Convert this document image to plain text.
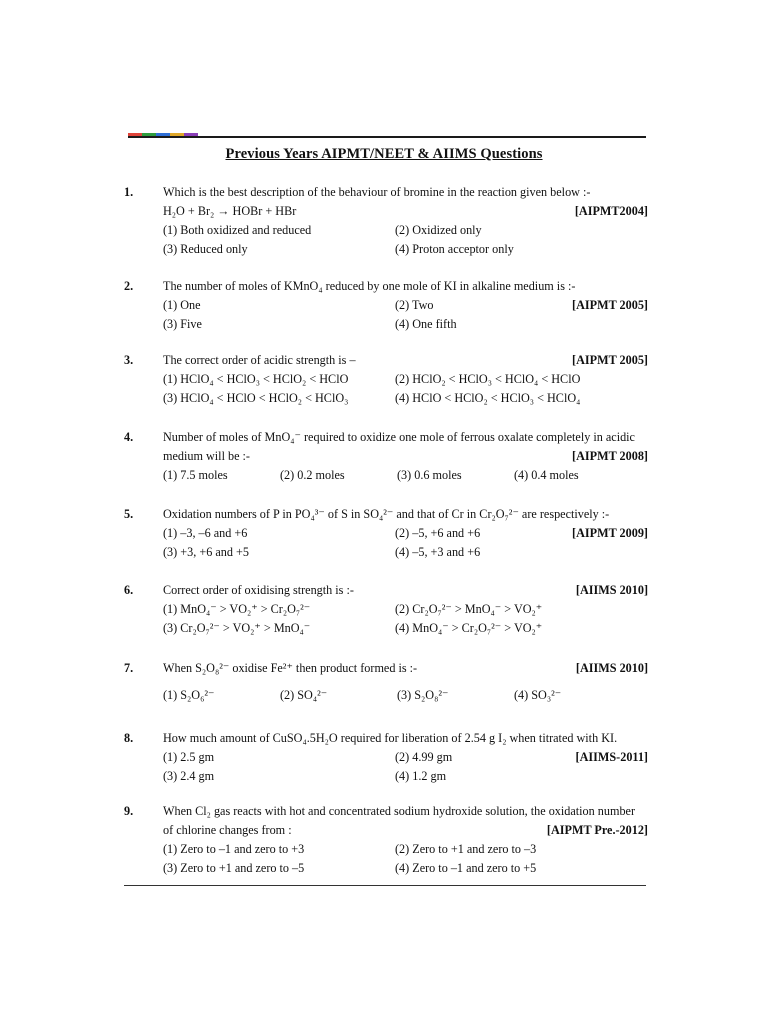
Previous Years AIPMT/NEET & AIIMS Questions
1. Which is the best description of the behaviour of bromine in the reaction given below :-
H₂O + Br₂ → HOBr + HBr	[AIPMT2004]
(1) Both oxidized and reduced	(2) Oxidized only
(3) Reduced only	(4) Proton acceptor only
2. The number of moles of KMnO₄ reduced by one mole of KI in alkaline medium is :-
(1) One	(2) Two	[AIPMT 2005]
(3) Five	(4) One fifth
3. The correct order of acidic strength is –	[AIPMT 2005]
(1) HClO₄ < HClO₃ < HClO₂ < HClO	(2) HClO₂ < HClO₃ < HClO₄ < HClO
(3) HClO₄ < HClO < HClO₂ < HClO₃	(4) HClO < HClO₂ < HClO₃ < HClO₄
4. Number of moles of MnO₄⁻ required to oxidize one mole of ferrous oxalate completely in acidic
medium will be :-	[AIPMT 2008]
(1) 7.5 moles	(2) 0.2 moles	(3) 0.6 moles	(4) 0.4 moles
5. Oxidation numbers of P in PO₄³⁻ of S in SO₄²⁻ and that of Cr in Cr₂O₇²⁻ are respectively :-
(1) –3, –6 and +6	(2) –5, +6 and +6	[AIPMT 2009]
(3) +3, +6 and +5	(4) –5, +3 and +6
6. Correct order of oxidising strength is :-	[AIIMS 2010]
(1) MnO₄⁻ > VO₂⁺ > Cr₂O₇²⁻	(2) Cr₂O₇²⁻ > MnO₄⁻ > VO₂⁺
(3) Cr₂O₇²⁻ > VO₂⁺ > MnO₄⁻	(4) MnO₄⁻ > Cr₂O₇²⁻ > VO₂⁺
7. When S₂O₈²⁻ oxidise Fe²⁺ then product formed is :-	[AIIMS 2010]
(1) S₂O₆²⁻	(2) SO₄²⁻	(3) S₂O₈²⁻	(4) SO₃²⁻
8. How much amount of CuSO₄.5H₂O required for liberation of 2.54 g I₂ when titrated with KI.
(1) 2.5 gm	(2) 4.99 gm	[AIIMS-2011]
(3) 2.4 gm	(4) 1.2 gm
9. When Cl₂ gas reacts with hot and concentrated sodium hydroxide solution, the oxidation number
of chlorine changes from :	[AIPMT Pre.-2012]
(1) Zero to –1 and zero to +3	(2) Zero to +1 and zero to –3
(3) Zero to +1 and zero to –5	(4) Zero to –1 and zero to +5
